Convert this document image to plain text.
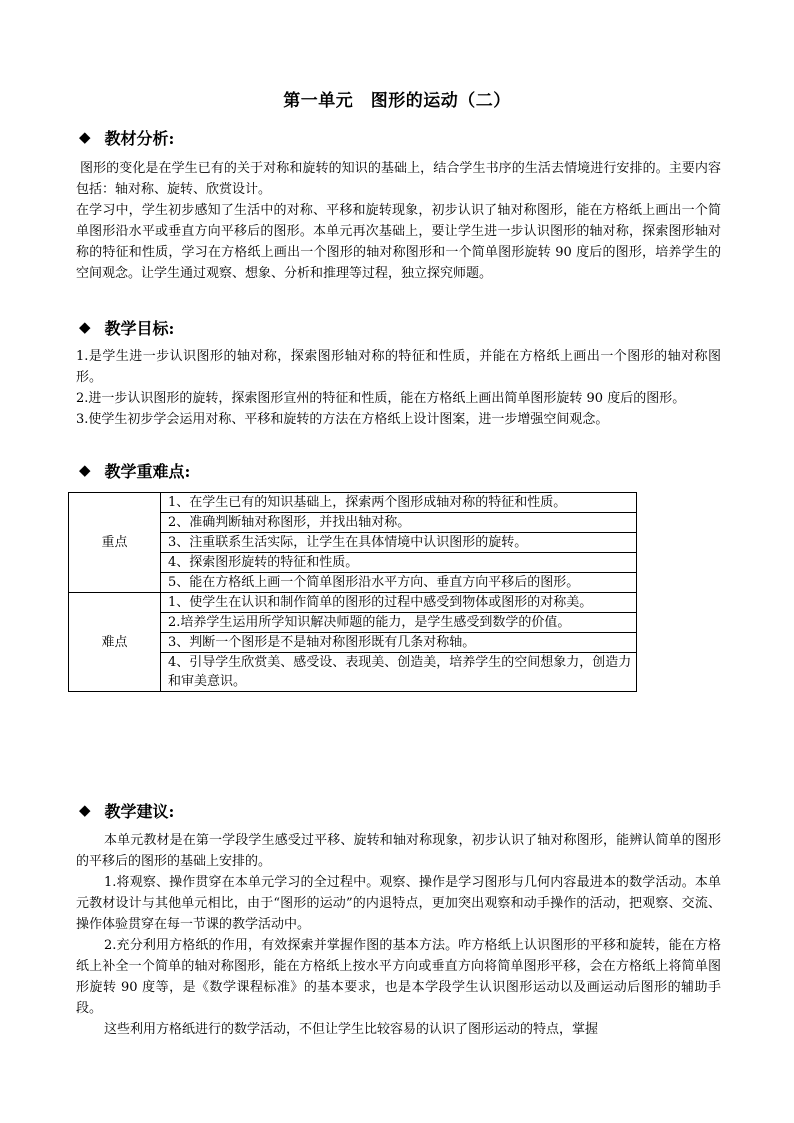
第一单元　图形的运动（二）
◆ 教材分析:

图形的变化是在学生已有的关于对称和旋转的知识的基础上，结合学生书序的生活去情境进行安排的。主要内容包括：轴对称、旋转、欣赏设计。

在学习中，学生初步感知了生活中的对称、平移和旋转现象，初步认识了轴对称图形，能在方格纸上画出一个简单图形沿水平或垂直方向平移后的图形。本单元再次基础上，要让学生进一步认识图形的轴对称，探索图形轴对称的特征和性质，学习在方格纸上画出一个图形的轴对称图形和一个简单图形旋转 90 度后的图形，培养学生的空间观念。让学生通过观察、想象、分析和推理等过程，独立探究师题。

◆ 教学目标:

1.是学生进一步认识图形的轴对称，探索图形轴对称的特征和性质，并能在方格纸上画出一个图形的轴对称图形。

2.进一步认识图形的旋转，探索图形宣州的特征和性质，能在方格纸上画出简单图形旋转 90 度后的图形。

3.使学生初步学会运用对称、平移和旋转的方法在方格纸上设计图案，进一步增强空间观念。

◆ 教学重难点:
重点	1、在学生已有的知识基础上，探索两个图形成轴对称的特征和性质。
	2、准确判断轴对称图形，并找出轴对称。
	3、注重联系生活实际，让学生在具体情境中认识图形的旋转。
	4、探索图形旋转的特征和性质。
	5、能在方格纸上画一个简单图形沿水平方向、垂直方向平移后的图形。
难点	1、使学生在认识和制作简单的图形的过程中感受到物体或图形的对称美。
	2.培养学生运用所学知识解决师题的能力，是学生感受到数学的价值。
	3、判断一个图形是不是轴对称图形既有几条对称轴。
	4、引导学生欣赏美、感受设、表现美、创造美，培养学生的空间想象力，创造力和审美意识。
◆ 教学建议:

本单元教材是在第一学段学生感受过平移、旋转和轴对称现象，初步认识了轴对称图形，能辨认简单的图形的平移后的图形的基础上安排的。

1.将观察、操作贯穿在本单元学习的全过程中。观察、操作是学习图形与几何内容最进本的数学活动。本单元教材设计与其他单元相比，由于“图形的运动”的内退特点，更加突出观察和动手操作的活动，把观察、交流、操作体验贯穿在每一节课的教学活动中。

2.充分利用方格纸的作用，有效探索并掌握作图的基本方法。咋方格纸上认识图形的平移和旋转，能在方格纸上补全一个简单的轴对称图形，能在方格纸上按水平方向或垂直方向将简单图形平移，会在方格纸上将简单图形旋转 90 度等，是《数学课程标准》的基本要求，也是本学段学生认识图形运动以及画运动后图形的辅助手段。

这些利用方格纸进行的数学活动，不但让学生比较容易的认识了图形运动的特点，掌握
